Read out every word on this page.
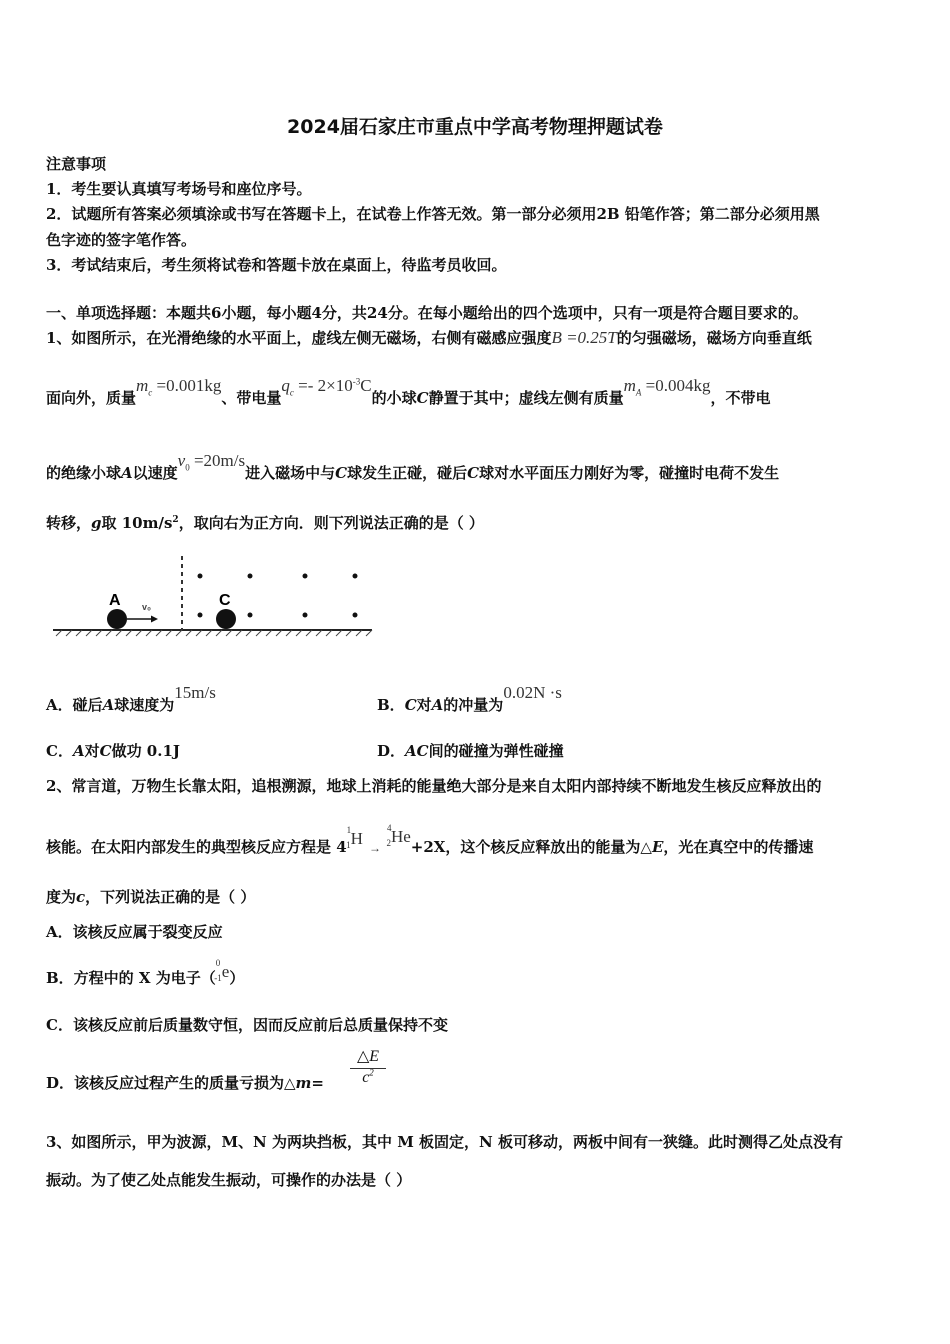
2024届石家庄市重点中学高考物理押题试卷
注意事项
1．考生要认真填写考场号和座位序号。
2．试题所有答案必须填涂或书写在答题卡上，在试卷上作答无效。第一部分必须用2B 铅笔作答；第二部分必须用黑
色字迹的签字笔作答。
3．考试结束后，考生须将试卷和答题卡放在桌面上，待监考员收回。
一、单项选择题：本题共6小题，每小题4分，共24分。在每小题给出的四个选项中，只有一项是符合题目要求的。
1、如图所示，在光滑绝缘的水平面上，虚线左侧无磁场，右侧有磁感应强度B =0.25T的匀强磁场，磁场方向垂直纸
面向外，质量$m_c =0.001kg$、带电量$q_c =- 2\times 10^{-3}C$的小球C静置于其中；虚线左侧有质量$m_A =0.004kg$，不带电
的绝缘小球A以速度$v_0 =20m/s$进入磁场中与C球发生正碰，碰后C球对水平面压力刚好为零，碰撞时电荷不发生
转移，g取 $10m/s^2$，取向右为正方向．则下列说法正确的是（ ）
A	C
v₀
A．碰后A球速度为15m/s
B．C对A的冲量为0.02N ·s
C．A对C做功 0.1J	D．AC间的碰撞为弹性碰撞
2、常言道，万物生长靠太阳，追根溯源，地球上消耗的能量绝大部分是来自太阳内部持续不断地发生核反应释放出的
核能。在太阳内部发生的典型核反应方程是 $4^1_1H \to^4_2He+2X$，这个核反应释放出的能量为△E，光在真空中的传播速
度为c，下列说法正确的是（ ）
A．该核反应属于裂变反应
B．方程中的 X 为电子（$^0_{-1}$e）
C．该核反应前后质量数守恒，因而反应前后总质量保持不变
D．该核反应过程产生的质量亏损为△m= $\frac{\triangle E}{c^2}$
3、如图所示，甲为波源，M、N 为两块挡板，其中 M 板固定，N 板可移动，两板中间有一狭缝。此时测得乙处点没有
振动。为了使乙处点能发生振动，可操作的办法是（ ）
